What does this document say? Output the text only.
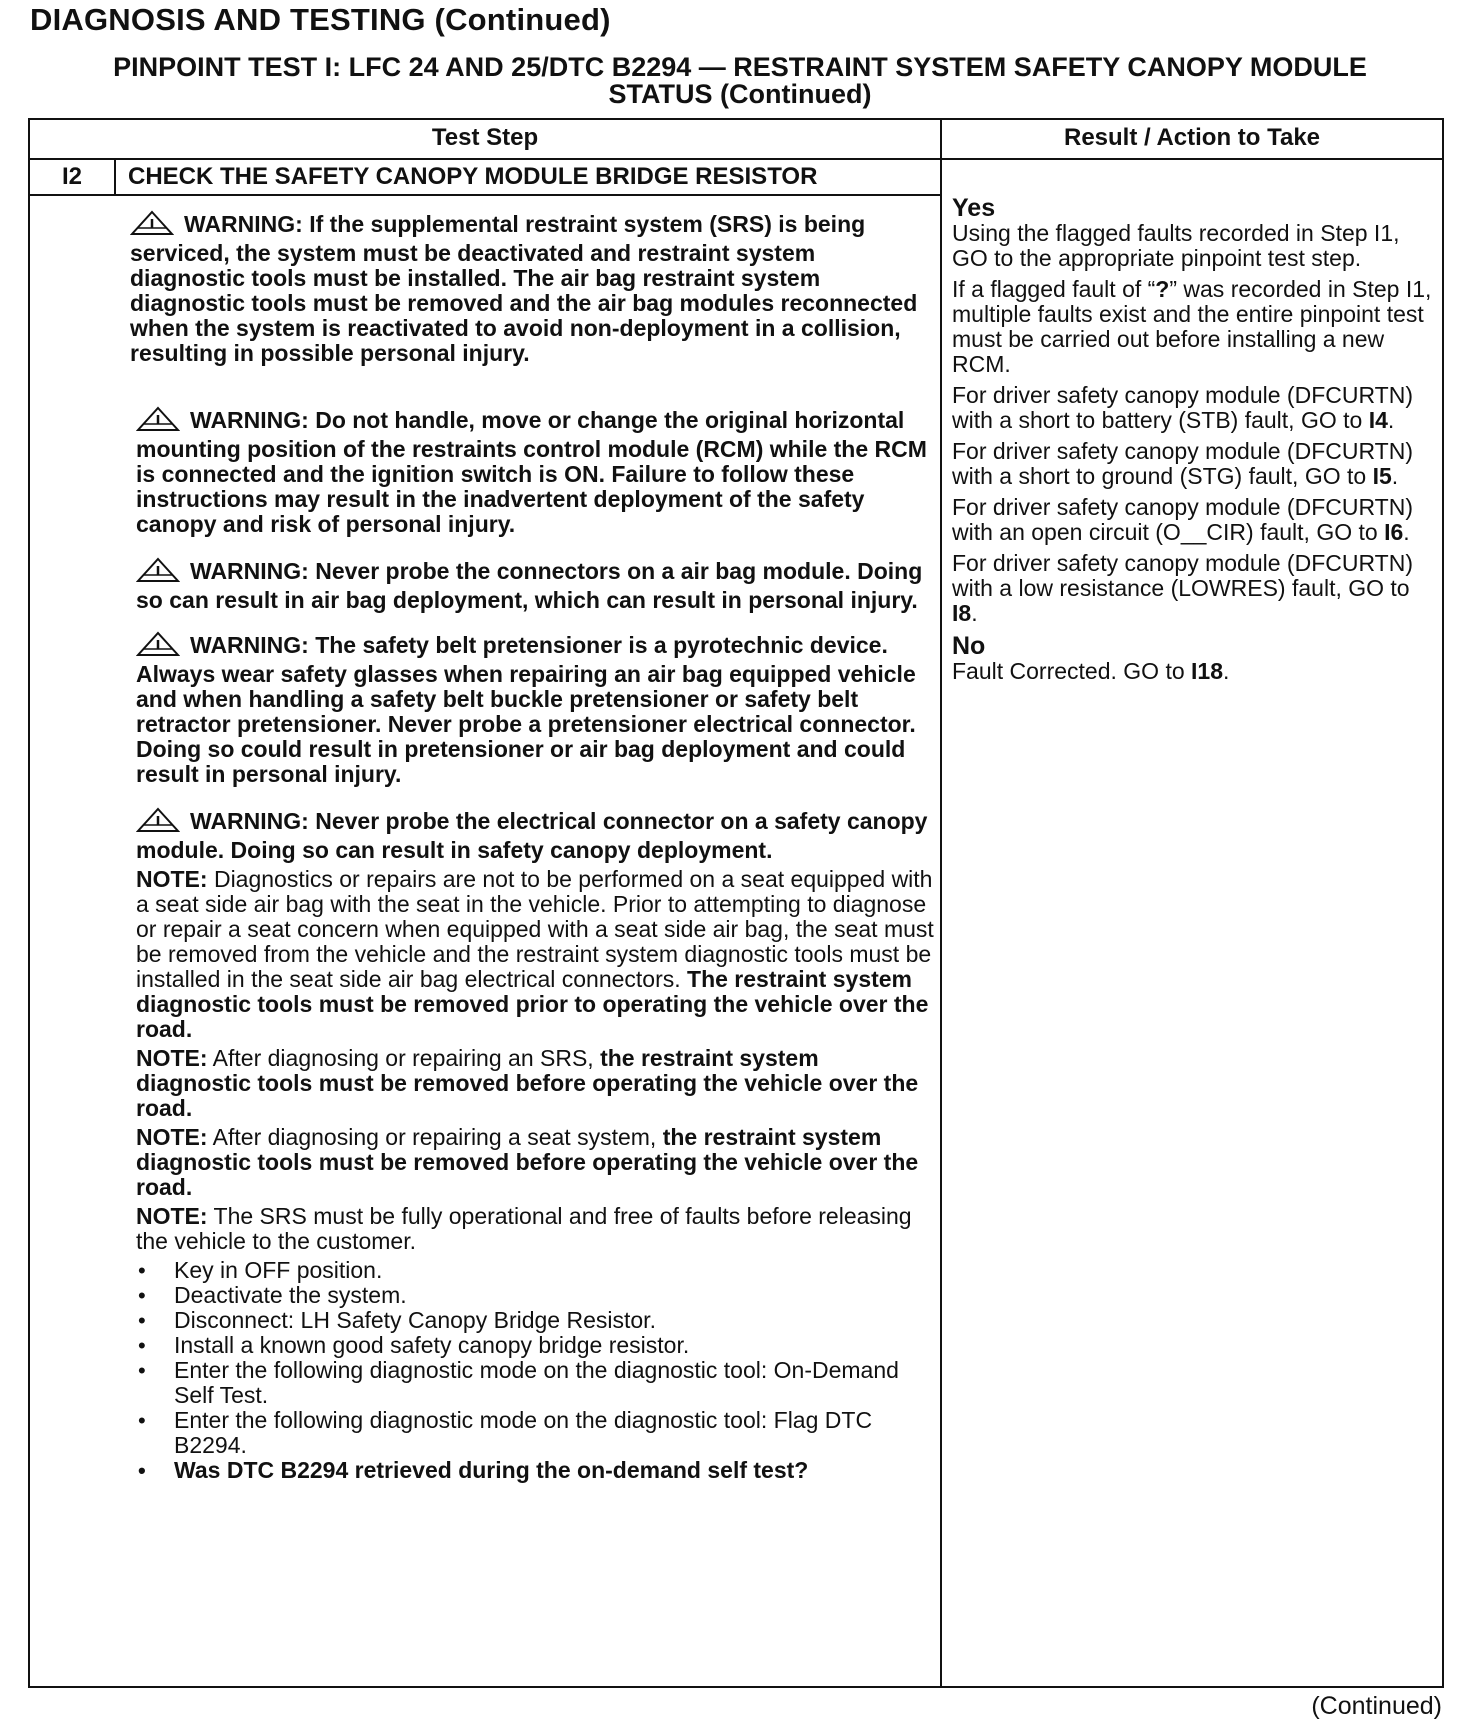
DIAGNOSIS AND TESTING (Continued)
PINPOINT TEST I: LFC 24 AND 25/DTC B2294 — RESTRAINT SYSTEM SAFETY CANOPY MODULE
STATUS (Continued)
Test Step	Result / Action to Take
I2 CHECK THE SAFETY CANOPY MODULE BRIDGE RESISTOR

WARNING: If the supplemental restraint system (SRS) is being serviced, the system must be deactivated and restraint system diagnostic tools must be installed. The air bag restraint system diagnostic tools must be removed and the air bag modules reconnected when the system is reactivated to avoid non-deployment in a collision, resulting in possible personal injury.

WARNING: Do not handle, move or change the original horizontal mounting position of the restraints control module (RCM) while the RCM is connected and the ignition switch is ON. Failure to follow these instructions may result in the inadvertent deployment of the safety canopy and risk of personal injury.

WARNING: Never probe the connectors on a air bag module. Doing so can result in air bag deployment, which can result in personal injury.

WARNING: The safety belt pretensioner is a pyrotechnic device. Always wear safety glasses when repairing an air bag equipped vehicle and when handling a safety belt buckle pretensioner or safety belt retractor pretensioner. Never probe a pretensioner electrical connector. Doing so could result in pretensioner or air bag deployment and could result in personal injury.

WARNING: Never probe the electrical connector on a safety canopy module. Doing so can result in safety canopy deployment.

NOTE: Diagnostics or repairs are not to be performed on a seat equipped with a seat side air bag with the seat in the vehicle. Prior to attempting to diagnose or repair a seat concern when equipped with a seat side air bag, the seat must be removed from the vehicle and the restraint system diagnostic tools must be installed in the seat side air bag electrical connectors. The restraint system diagnostic tools must be removed prior to operating the vehicle over the road.

NOTE: After diagnosing or repairing an SRS, the restraint system diagnostic tools must be removed before operating the vehicle over the road.

NOTE: After diagnosing or repairing a seat system, the restraint system diagnostic tools must be removed before operating the vehicle over the road.

NOTE: The SRS must be fully operational and free of faults before releasing the vehicle to the customer.

• Key in OFF position.
• Deactivate the system.
• Disconnect: LH Safety Canopy Bridge Resistor.
• Install a known good safety canopy bridge resistor.
• Enter the following diagnostic mode on the diagnostic tool: On-Demand Self Test.
• Enter the following diagnostic mode on the diagnostic tool: Flag DTC B2294.
• Was DTC B2294 retrieved during the on-demand self test?

Yes

Using the flagged faults recorded in Step I1, GO to the appropriate pinpoint test step.

If a flagged fault of “?” was recorded in Step I1, multiple faults exist and the entire pinpoint test must be carried out before installing a new RCM.

For driver safety canopy module (DFCURTN) with a short to battery (STB) fault, GO to I4.

For driver safety canopy module (DFCURTN) with a short to ground (STG) fault, GO to I5.

For driver safety canopy module (DFCURTN) with an open circuit (O__CIR) fault, GO to I6.

For driver safety canopy module (DFCURTN) with a low resistance (LOWRES) fault, GO to I8.

No

Fault Corrected. GO to I18.

(Continued)
